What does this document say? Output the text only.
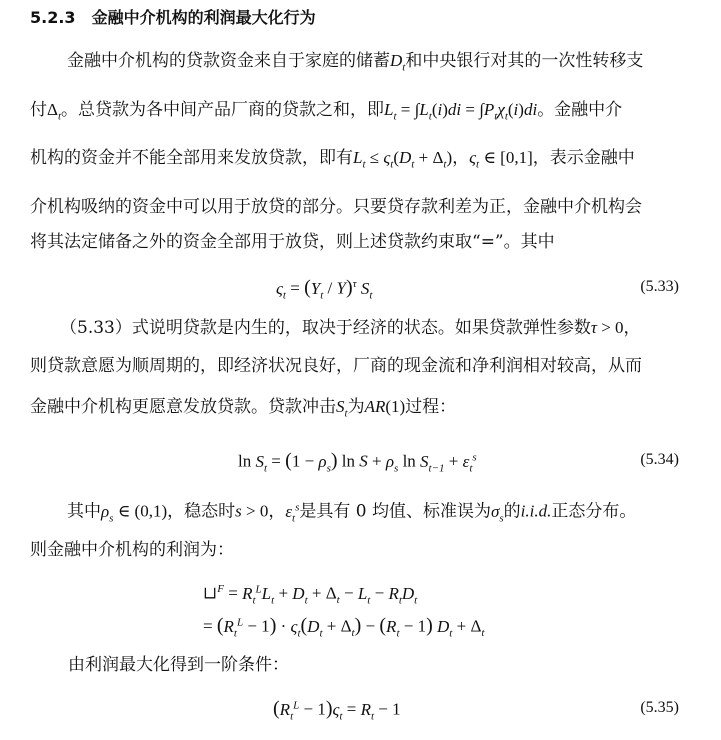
5.2.3 金融中介机构的利润最大化行为
金融中介机构的贷款资金来自于家庭的储蓄$D_t$和中央银行对其的一次性转移支
付$\Delta_t$。总贷款为各中间产品厂商的贷款之和，即$L_t = \int L_t(i)di = \int P_t\chi_t(i)di$。金融中介
机构的资金并不能全部用来发放贷款，即有$L_t \le \varsigma_t(D_t + \Delta_t)$，$\varsigma_t$ ∈ [0,1]，表示金融中
介机构吸纳的资金中可以用于放贷的部分。只要贷存款利差为正，金融中介机构会
将其法定储备之外的资金全部用于放贷，则上述贷款约束取“=”。其中
$\varsigma_t = (Y_t / Y)^\tau$ $S_t$
(5.33)
（5.33）式说明贷款是内生的，取决于经济的状态。如果贷款弹性参数τ > 0，
则贷款意愿为顺周期的，即经济状况良好，厂商的现金流和净利润相对较高，从而
金融中介机构更愿意发放贷款。贷款冲击$S_t$为AR(1)过程：
$\ln S_t = (1 - \rho_s)$ $\ln S + \rho_s$ $\ln S_{t-1} + \varepsilon_t^s$	(5.34)
其中$\rho_s$ ∈ (0,1)，稳态时s > 0，$\varepsilon_t^s$是具有 0 均值、标准误为$\sigma_s$的i.i.d.正态分布。
则金融中介机构的利润为：
⊔$^F$ = $R_t^LL_t + D_t + \Delta_t - L_t - R_tD_t$
= $(R_t^L - 1) \cdot \varsigma_t(D_t + \Delta_t) - (R_t - 1) D_t + \Delta_t$
由利润最大化得到一阶条件：
$(R_t^L - 1)\varsigma_t = R_t - 1$	(5.35)
